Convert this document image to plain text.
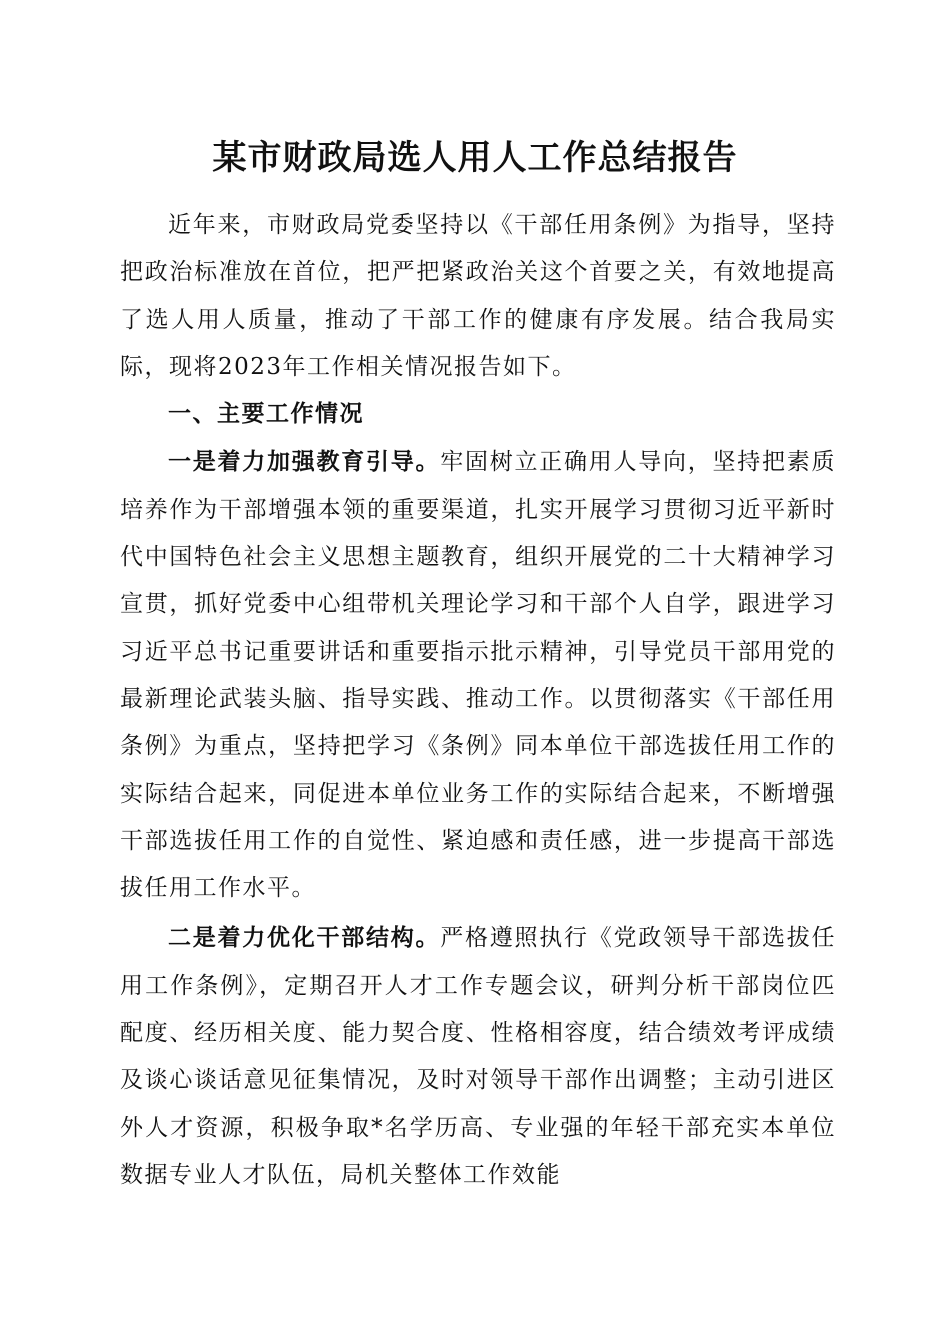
某市财政局选人用人工作总结报告

近年来，市财政局党委坚持以《干部任用条例》为指导，坚持把政治标准放在首位，把严把紧政治关这个首要之关，有效地提高了选人用人质量，推动了干部工作的健康有序发展。结合我局实际，现将2023年工作相关情况报告如下。

一、主要工作情况

一是着力加强教育引导。牢固树立正确用人导向，坚持把素质培养作为干部增强本领的重要渠道，扎实开展学习贯彻习近平新时代中国特色社会主义思想主题教育，组织开展党的二十大精神学习宣贯，抓好党委中心组带机关理论学习和干部个人自学，跟进学习习近平总书记重要讲话和重要指示批示精神，引导党员干部用党的最新理论武装头脑、指导实践、推动工作。以贯彻落实《干部任用条例》为重点，坚持把学习《条例》同本单位干部选拔任用工作的实际结合起来，同促进本单位业务工作的实际结合起来，不断增强干部选拔任用工作的自觉性、紧迫感和责任感，进一步提高干部选拔任用工作水平。

二是着力优化干部结构。严格遵照执行《党政领导干部选拔任用工作条例》，定期召开人才工作专题会议，研判分析干部岗位匹配度、经历相关度、能力契合度、性格相容度，结合绩效考评成绩及谈心谈话意见征集情况，及时对领导干部作出调整；主动引进区外人才资源，积极争取*名学历高、专业强的年轻干部充实本单位数据专业人才队伍，局机关整体工作效能
